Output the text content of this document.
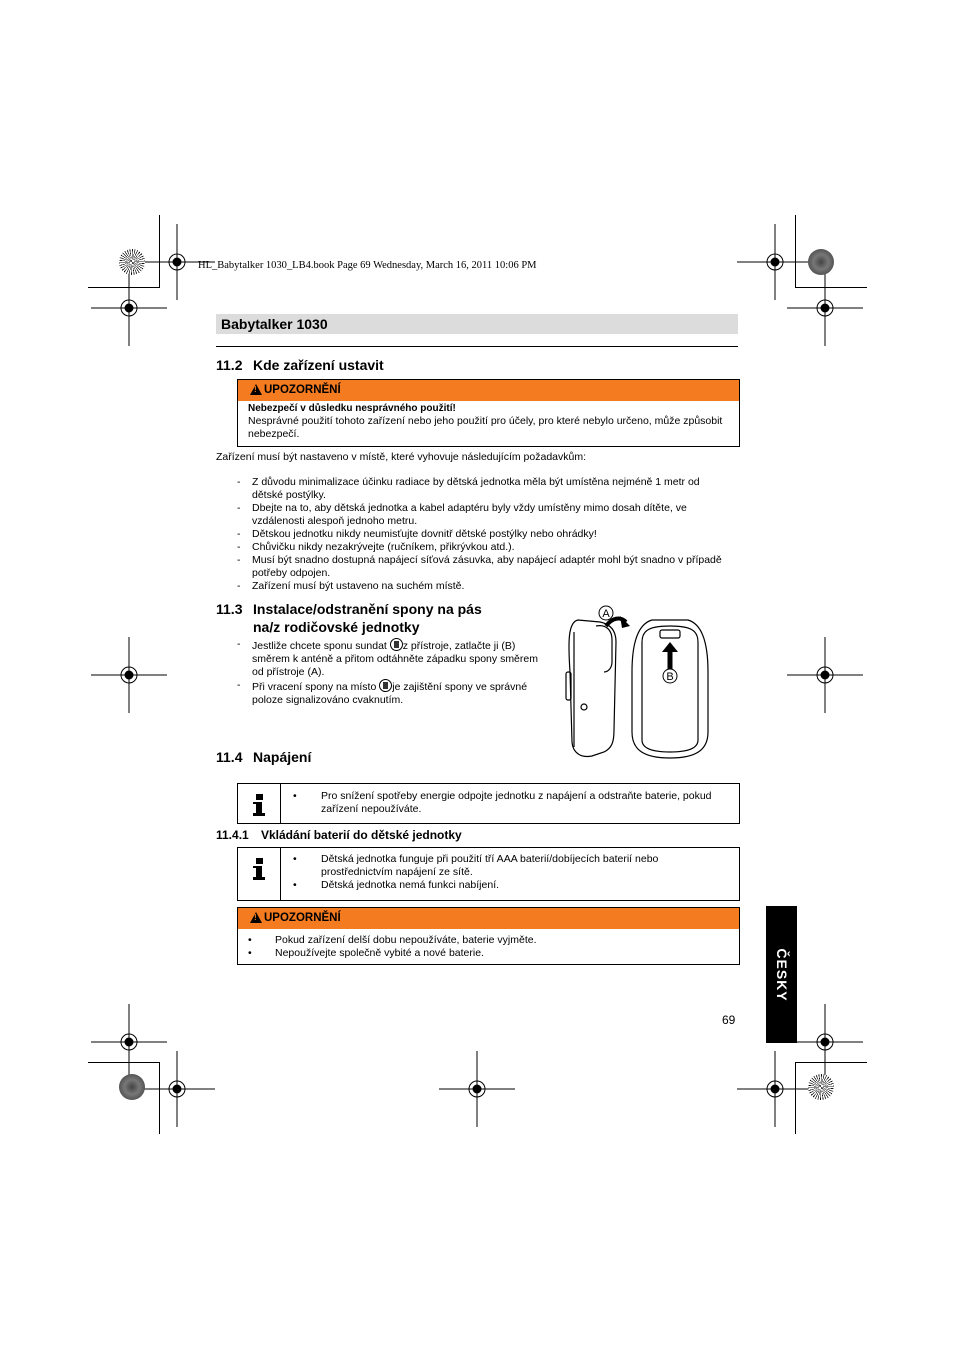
HL_Babytalker 1030_LB4.book Page 69 Wednesday, March 16, 2011 10:06 PM
Babytalker 1030
11.2 Kde zařízení ustavit
!
UPOZORNĚNÍ
Nebezpečí v důsledku nesprávného použití!
Nesprávné použití tohoto zařízení nebo jeho použití pro účely, pro které nebylo určeno, může způsobit nebezpečí.
Zařízení musí být nastaveno v místě, které vyhovuje následujícím požadavkům:
- Z důvodu minimalizace účinku radiace by dětská jednotka měla být umístěna nejméně 1 metr od dětské postýlky.
- Dbejte na to, aby dětská jednotka a kabel adaptéru byly vždy umístěny mimo dosah dítěte, ve vzdálenosti alespoň jednoho metru.
- Dětskou jednotku nikdy neumisťujte dovnitř dětské postýlky nebo ohrádky!
- Chůvičku nikdy nezakrývejte (ručníkem, přikrývkou atd.).
- Musí být snadno dostupná napájecí síťová zásuvka, aby napájecí adaptér mohl být snadno v případě potřeby odpojen.
- Zařízení musí být ustaveno na suchém místě.
11.3 Instalace/odstranění spony na pás
na/z rodičovské jednotky
- Jestliže chcete sponu sundat z přístroje, zatlačte ji (B) směrem k anténě a přitom odtáhněte západku spony směrem od přístroje (A).
- Při vracení spony na místo je zajištění spony ve správné poloze signalizováno cvaknutím.
A
B
11.4 Napájení
• Pro snížení spotřeby energie odpojte jednotku z napájení a odstraňte baterie, pokud zařízení nepoužíváte.
11.4.1 Vkládání baterií do dětské jednotky
• Dětská jednotka funguje při použití tří AAA baterií/dobíjecích baterií nebo prostřednictvím napájení ze sítě.
• Dětská jednotka nemá funkci nabíjení.
!
UPOZORNĚNÍ
• Pokud zařízení delší dobu nepoužíváte, baterie vyjměte.
• Nepoužívejte společně vybité a nové baterie.	ČESKY
69
